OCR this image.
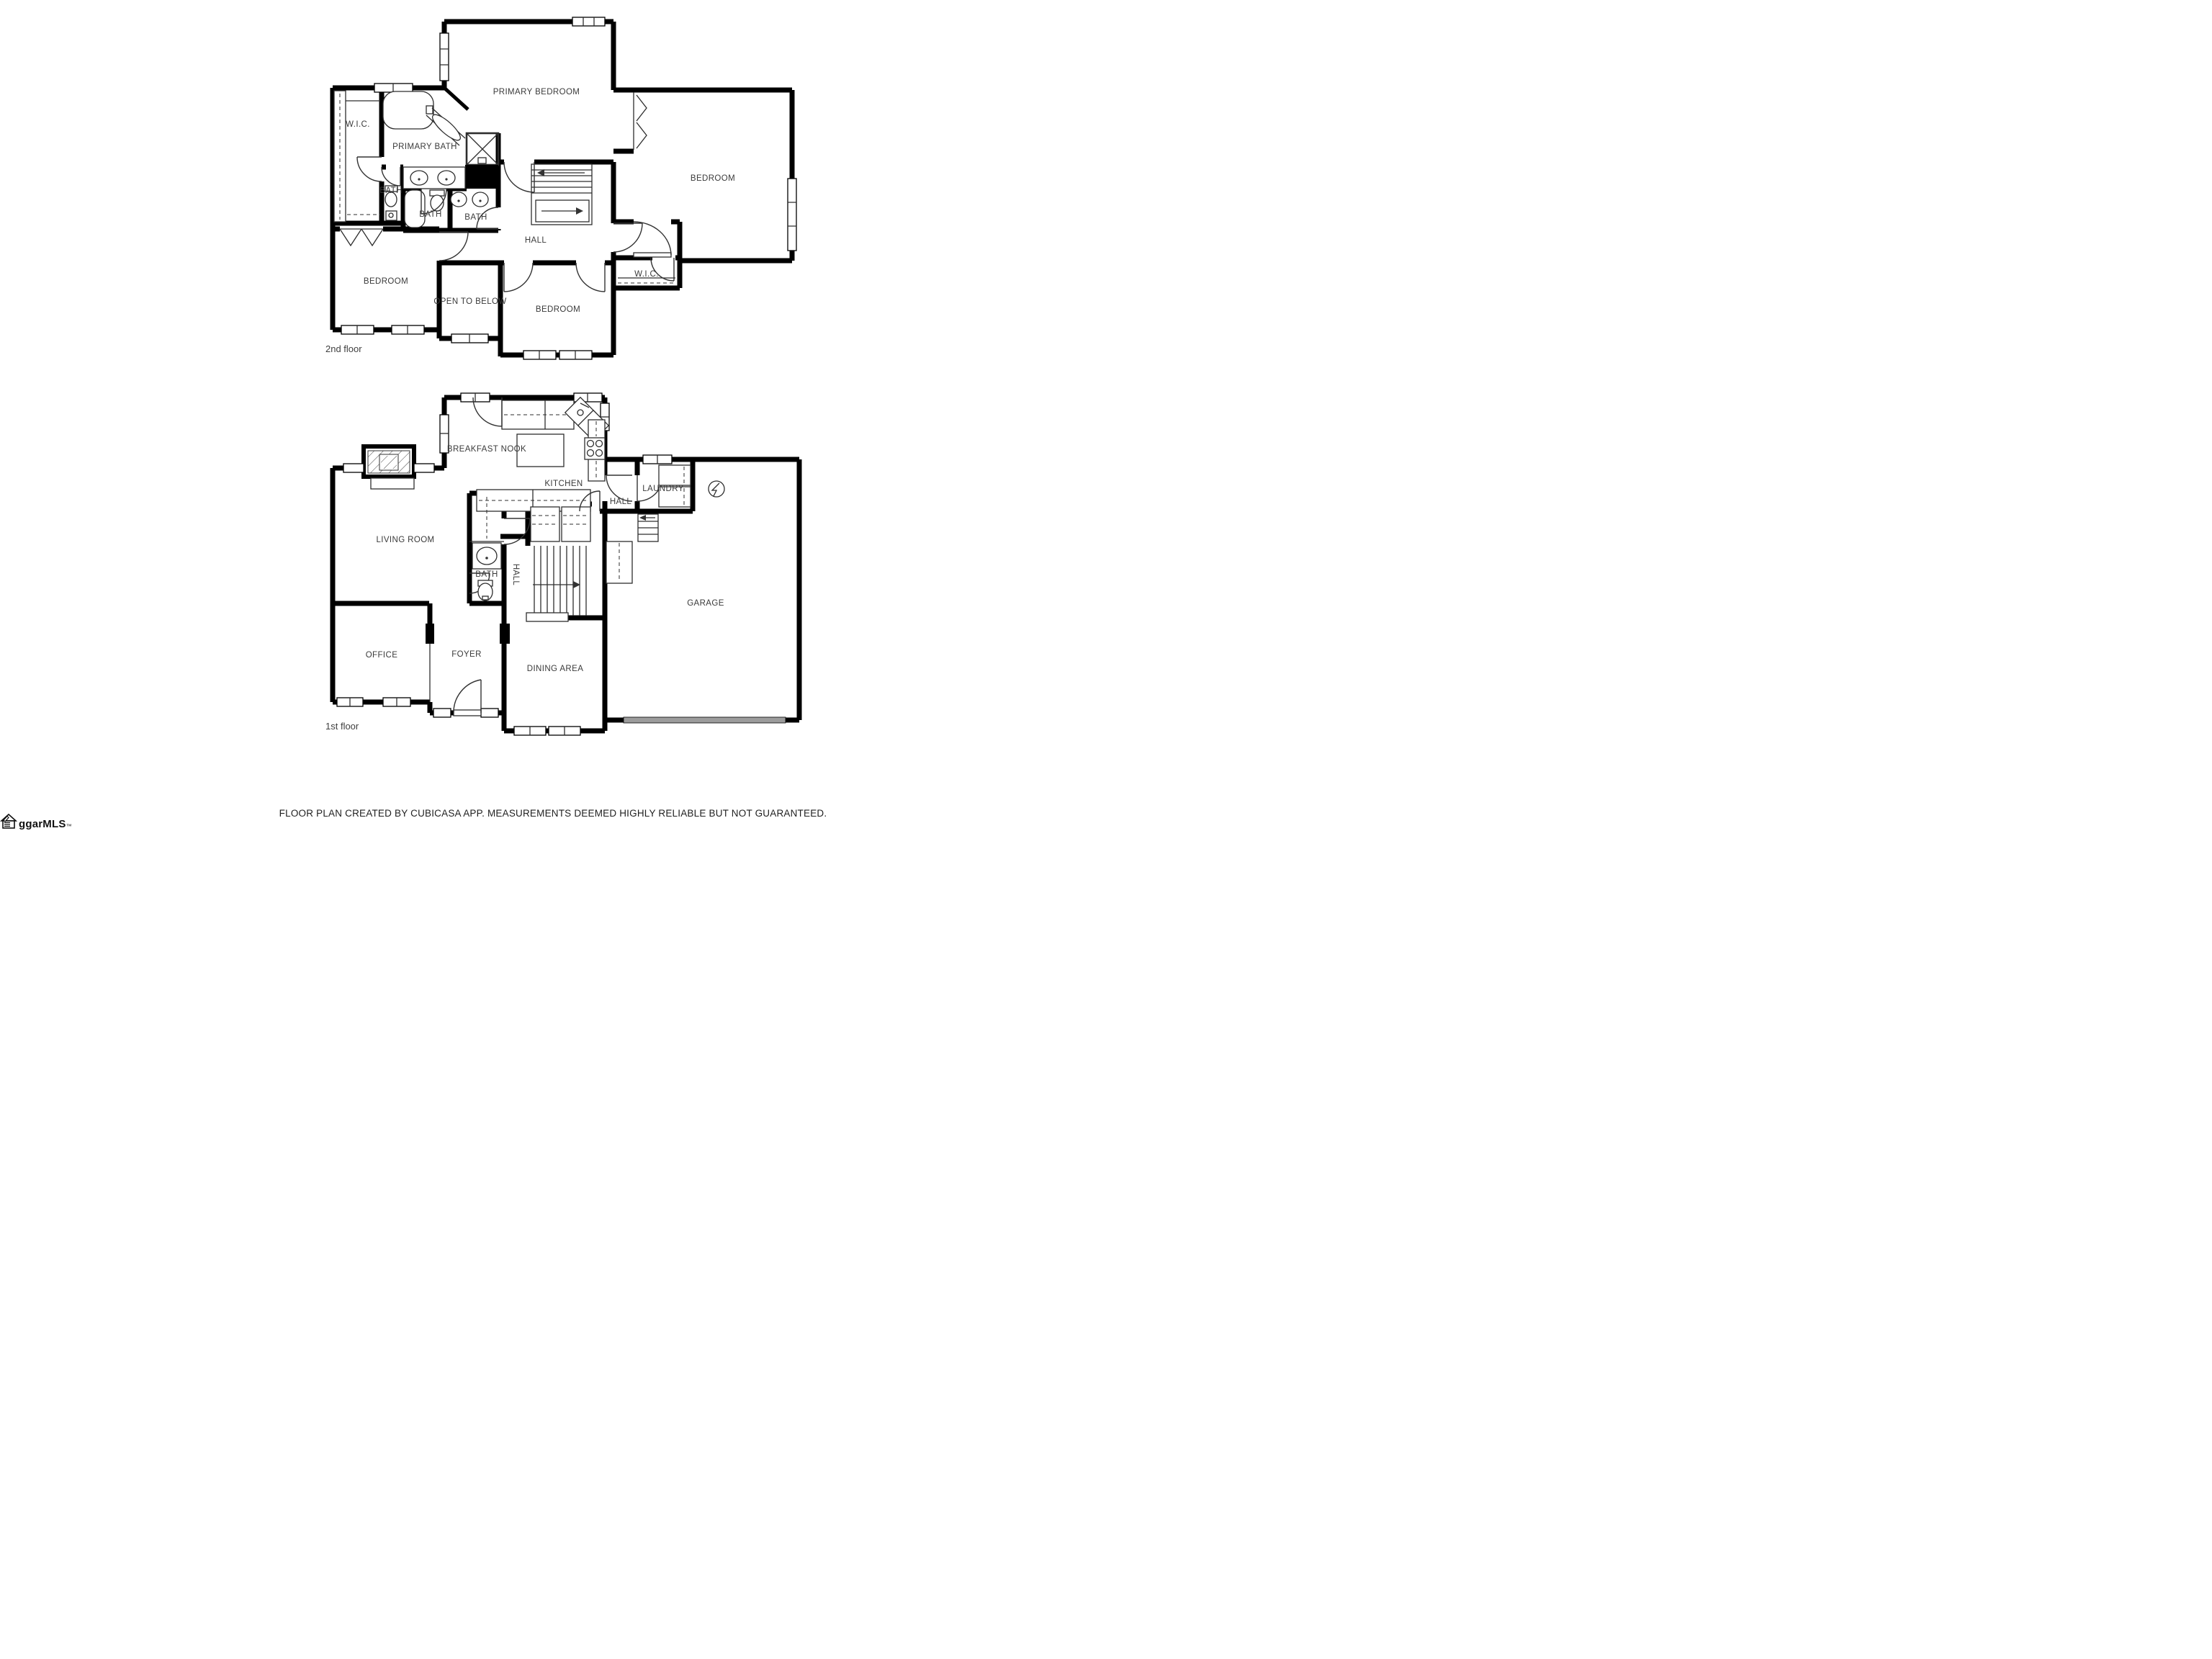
W.I.C.
PRIMARY BATH
PRIMARY BEDROOM
BATH
BATH	BATH
BEDROOM
HALL
BEDROOM
OPEN TO BELOW
BEDROOM
W.I.C.
2nd floor
BREAKFAST NOOK
KITCHEN
LAUNDRY
HALL
LIVING ROOM
BATH HALL
GARAGE
OFFICE	FOYER
DINING AREA
1st floor
FLOOR PLAN CREATED BY CUBICASA APP. MEASUREMENTS DEEMED HIGHLY RELIABLE BUT NOT GUARANTEED.
ggarMLS ™
